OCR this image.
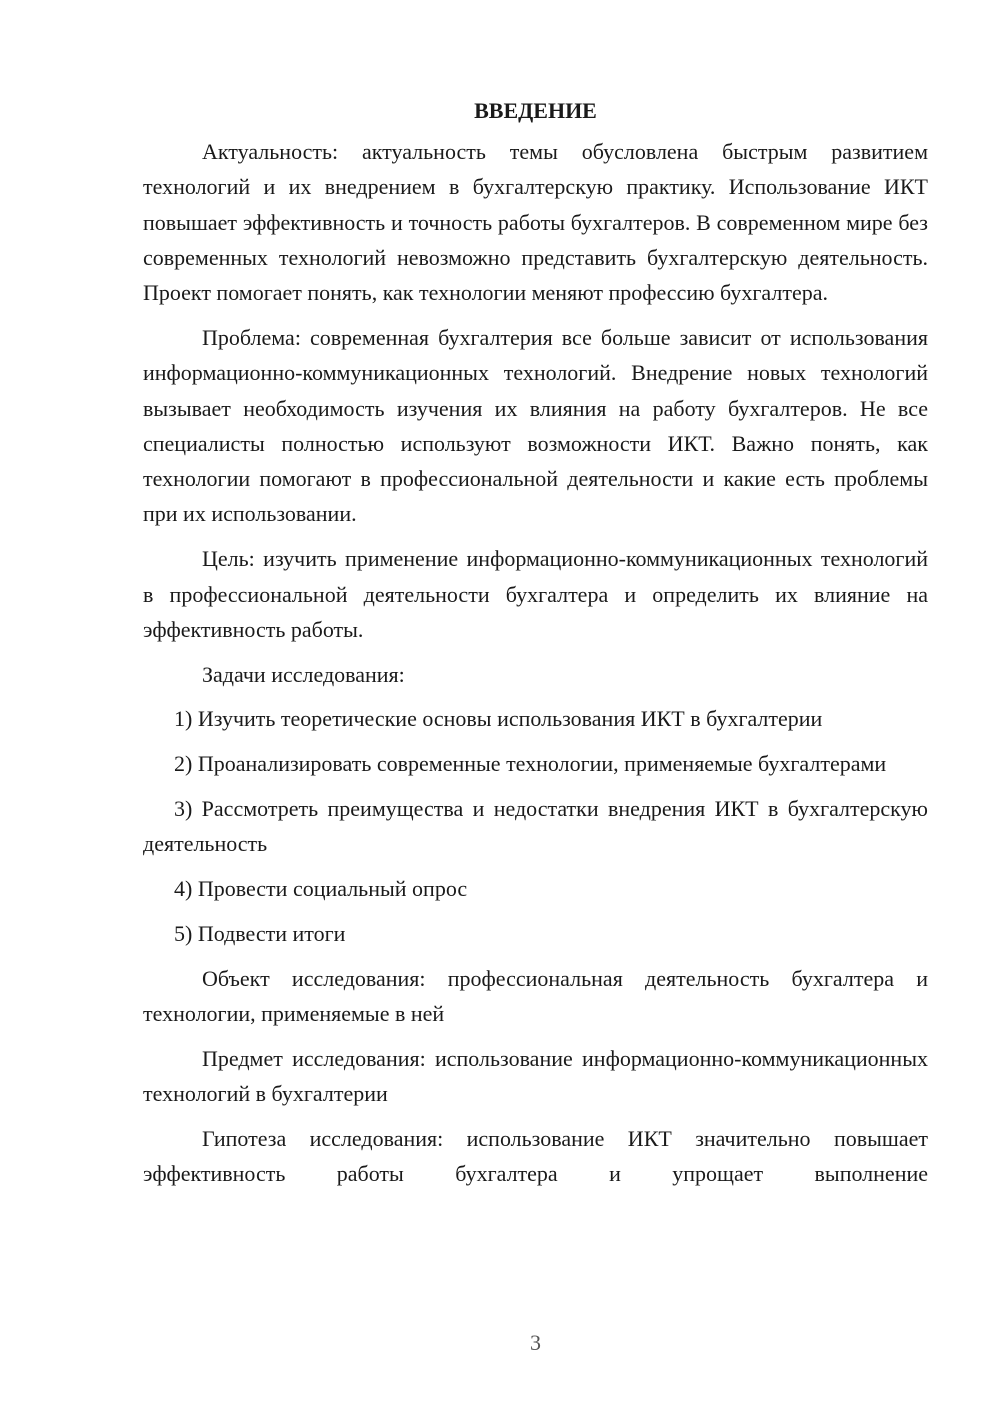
ВВЕДЕНИЕ

Актуальность: актуальность темы обусловлена быстрым развитием технологий и их внедрением в бухгалтерскую практику. Использование ИКТ повышает эффективность и точность работы бухгалтеров. В современном мире без современных технологий невозможно представить бухгалтерскую деятельность. Проект помогает понять, как технологии меняют профессию бухгалтера.

Проблема: современная бухгалтерия все больше зависит от использования информационно-коммуникационных технологий. Внедрение новых технологий вызывает необходимость изучения их влияния на работу бухгалтеров. Не все специалисты полностью используют возможности ИКТ. Важно понять, как технологии помогают в профессиональной деятельности и какие есть проблемы при их использовании.

Цель: изучить применение информационно-коммуникационных технологий в профессиональной деятельности бухгалтера и определить их влияние на эффективность работы.

Задачи исследования:

1) Изучить теоретические основы использования ИКТ в бухгалтерии

2) Проанализировать современные технологии, применяемые бухгалтерами

3) Рассмотреть преимущества и недостатки внедрения ИКТ в бухгалтерскую деятельность

4) Провести социальный опрос

5) Подвести итоги

Объект исследования: профессиональная деятельность бухгалтера и технологии, применяемые в ней

Предмет исследования: использование информационно-коммуникационных технологий в бухгалтерии

Гипотеза исследования: использование ИКТ значительно повышает эффективность работы бухгалтера и упрощает выполнение

3
